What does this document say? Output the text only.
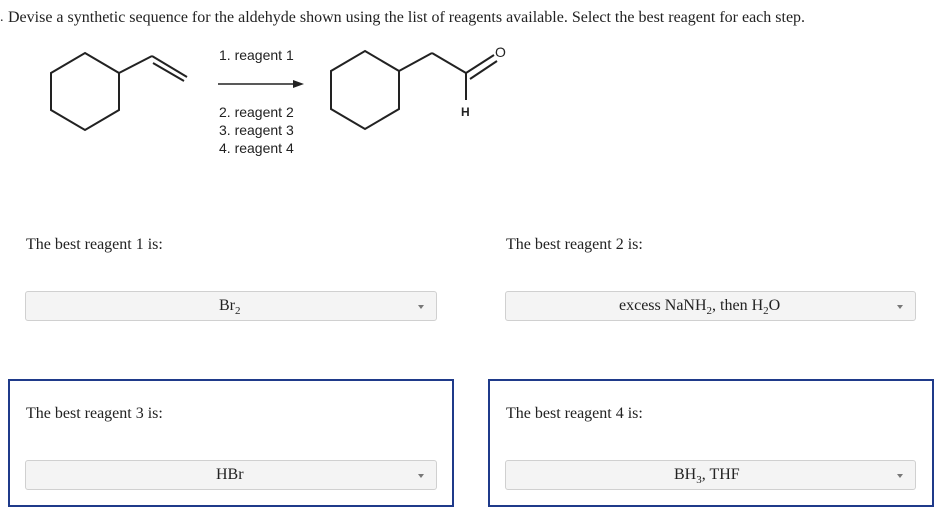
. Devise a synthetic sequence for the aldehyde shown using the list of reagents available. Select the best reagent for each step.
1. reagent 1
2. reagent 2
3. reagent 3
4. reagent 4
O
H
The best reagent 1 is:
$Br_2$
The best reagent 2 is:
excess NaNH$_2$, then $H_2O$
The best reagent 3 is:
HBr
The best reagent 4 is:
$BH_3$, THF
